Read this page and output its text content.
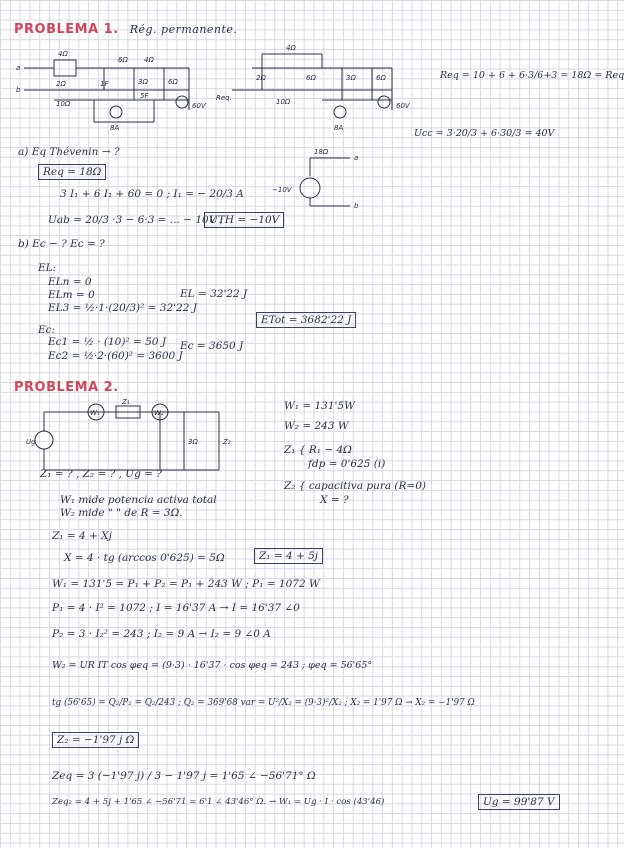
PROBLEMA 1. Rég. permanente.
a
b
4Ω
2Ω
10Ω
1F
6Ω
3Ω	6Ω
4Ω
5F
60V
8A
4Ω
2Ω
10Ω
6Ω	3Ω	6Ω
60V
8A
Req.
Req = 10 + 6 + 6·3/6+3 = 18Ω = Req
Ucc = 3·20/3 + 6·30/3 = 40V
a) Eq Thévenin → ?
Req = 18Ω
3 I₁ + 6 I₁ + 60 = 0 ; I₁ = − 20/3 A
Uab = 20/3 ·3 − 6·3 = ... − 10V ;
UTH = −10V
18Ω
−10V
a
b
b) Ec − ? Ec = ?
EL:
ELn = 0
ELm = 0
EL3 = ½·1·(20/3)² = 32'22 J
EL = 32'22 J
Ec:
Ec1 = ½ · (10)² = 50 J
Ec2 = ½·2·(60)² = 3600 J
Ec = 3650 J
ETot = 3682'22 J
PROBLEMA 2.
Ug
W₁
Z₁
W₂
3Ω	Z₂
W₁ = 131'5W
W₂ = 243 W
Z₁ { R₁ − 4Ω
fdp = 0'625 (i)
Z₂ { capacitiva pura (R=0)
X = ?
Z₁ = ? , Z₂ = ? , Ug = ?
W₁ mide potencia activa total
W₂ mide " " de R = 3Ω.
Z₁ = 4 + Xj
X = 4 · tg (arccos 0'625) = 5Ω	Z₁ = 4 + 5j
W₁ = 131'5 = P₁ + P₂ = P₁ + 243 W ; P₁ = 1072 W
P₁ = 4 · I² = 1072 ; I = 16'37 A → I = 16'37 ∠0
P₂ = 3 · I₂² = 243 ; I₂ = 9 A → I₂ = 9 ∠0 A
W₂ = UR IT cos φeq = (9·3) · 16'37 · cos φeq = 243 ; φeq = 56'65°
tg (56'65) = Q₂/P₂ = Q₂/243 ; Q₂ = 369'68 var = U²/X₂ = (9·3)²/X₂ ; X₂ = 1'97 Ω → X₂ = −1'97 Ω
Z₂ = −1'97 j Ω
Zeq = 3 (−1'97 j) / 3 − 1'97 j = 1'65 ∠ −56'71° Ω
Zeq₂ = 4 + 5j + 1'65 ∠ −56'71 = 6'1 ∠ 43'46° Ω. → W₁ = Ug · I · cos (43'46)	Ug = 99'87 V
